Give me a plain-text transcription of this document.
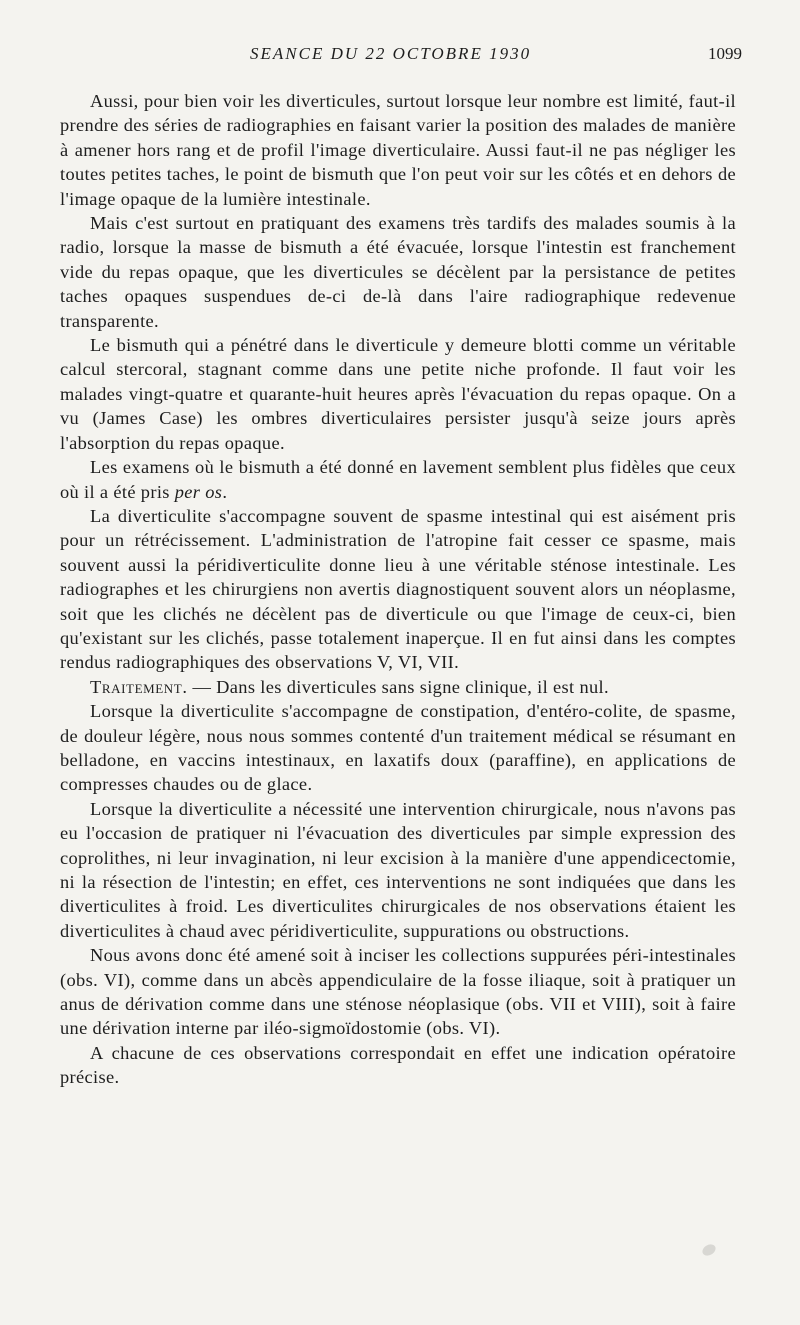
SEANCE DU 22 OCTOBRE 1930	1099

Aussi, pour bien voir les diverticules, surtout lorsque leur nombre est limité, faut-il prendre des séries de radiographies en faisant varier la position des malades de manière à amener hors rang et de profil l'image diverticulaire. Aussi faut-il ne pas négliger les toutes petites taches, le point de bismuth que l'on peut voir sur les côtés et en dehors de l'image opaque de la lumière intestinale.

Mais c'est surtout en pratiquant des examens très tardifs des malades soumis à la radio, lorsque la masse de bismuth a été évacuée, lorsque l'intestin est franchement vide du repas opaque, que les diverticules se décèlent par la persistance de petites taches opaques suspendues de-ci de-là dans l'aire radiographique redevenue transparente.

Le bismuth qui a pénétré dans le diverticule y demeure blotti comme un véritable calcul stercoral, stagnant comme dans une petite niche profonde. Il faut voir les malades vingt-quatre et quarante-huit heures après l'évacuation du repas opaque. On a vu (James Case) les ombres diverticulaires persister jusqu'à seize jours après l'absorption du repas opaque.

Les examens où le bismuth a été donné en lavement semblent plus fidèles que ceux où il a été pris per os.

La diverticulite s'accompagne souvent de spasme intestinal qui est aisément pris pour un rétrécissement. L'administration de l'atropine fait cesser ce spasme, mais souvent aussi la péridiverticulite donne lieu à une véritable sténose intestinale. Les radiographes et les chirurgiens non avertis diagnostiquent souvent alors un néoplasme, soit que les clichés ne décèlent pas de diverticule ou que l'image de ceux-ci, bien qu'existant sur les clichés, passe totalement inaperçue. Il en fut ainsi dans les comptes rendus radiographiques des observations V, VI, VII.

Traitement. — Dans les diverticules sans signe clinique, il est nul.

Lorsque la diverticulite s'accompagne de constipation, d'entéro-colite, de spasme, de douleur légère, nous nous sommes contenté d'un traitement médical se résumant en belladone, en vaccins intestinaux, en laxatifs doux (paraffine), en applications de compresses chaudes ou de glace.

Lorsque la diverticulite a nécessité une intervention chirurgicale, nous n'avons pas eu l'occasion de pratiquer ni l'évacuation des diverticules par simple expression des coprolithes, ni leur invagination, ni leur excision à la manière d'une appendicectomie, ni la résection de l'intestin; en effet, ces interventions ne sont indiquées que dans les diverticulites à froid. Les diverticulites chirurgicales de nos observations étaient les diverticulites à chaud avec péridiverticulite, suppurations ou obstructions.

Nous avons donc été amené soit à inciser les collections suppurées péri-intestinales (obs. VI), comme dans un abcès appendiculaire de la fosse iliaque, soit à pratiquer un anus de dérivation comme dans une sténose néoplasique (obs. VII et VIII), soit à faire une dérivation interne par iléo-sigmoïdostomie (obs. VI).

A chacune de ces observations correspondait en effet une indication opératoire précise.
